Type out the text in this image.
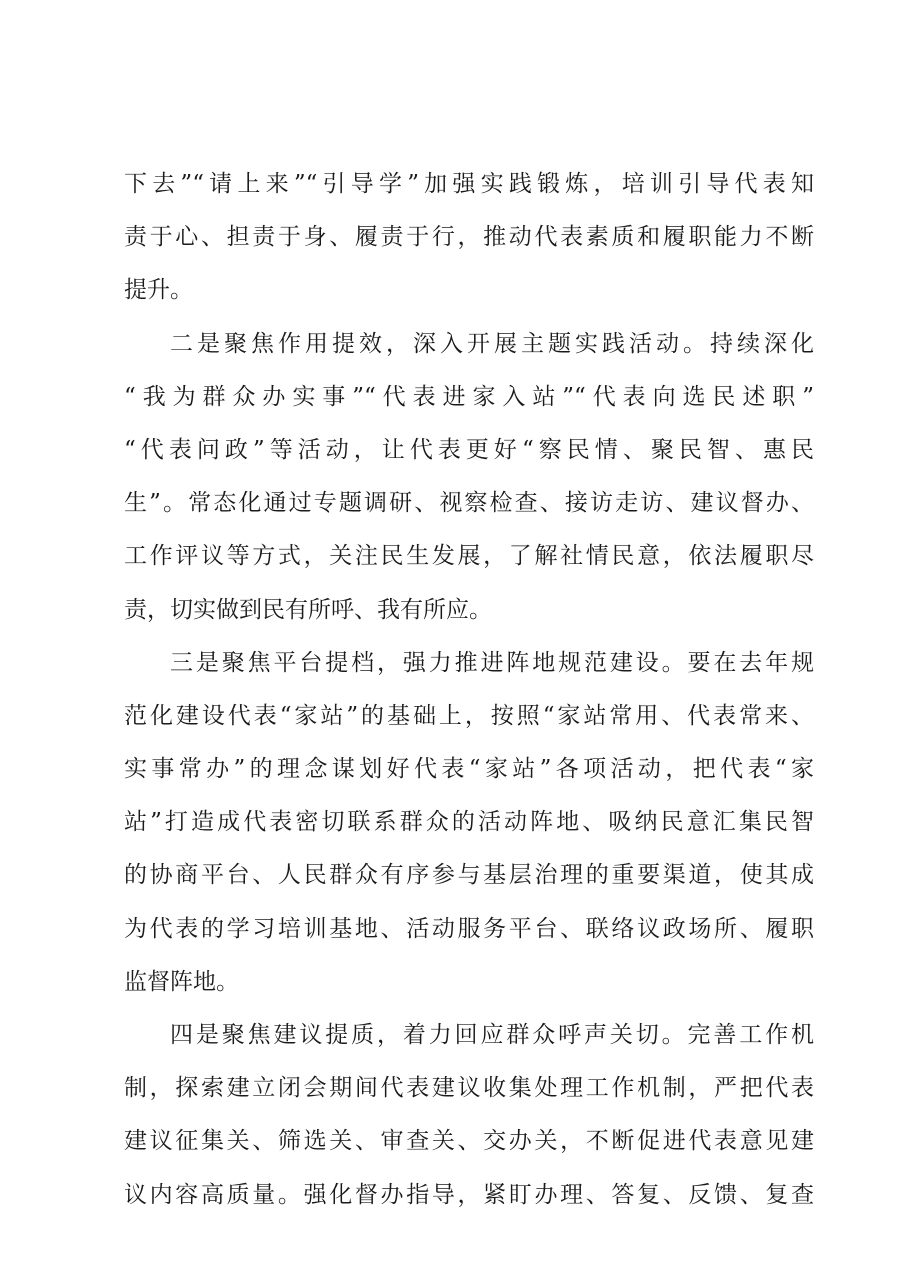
下去”“请上来”“引导学”加强实践锻炼，培训引导代表知
责于心、担责于身、履责于行，推动代表素质和履职能力不断
提升。
二是聚焦作用提效，深入开展主题实践活动。持续深化
“我为群众办实事”“代表进家入站”“代表向选民述职”
“代表问政”等活动，让代表更好“察民情、聚民智、惠民
生”。常态化通过专题调研、视察检查、接访走访、建议督办、
工作评议等方式，关注民生发展，了解社情民意，依法履职尽
责，切实做到民有所呼、我有所应。
三是聚焦平台提档，强力推进阵地规范建设。要在去年规
范化建设代表“家站”的基础上，按照“家站常用、代表常来、
实事常办”的理念谋划好代表“家站”各项活动，把代表“家
站”打造成代表密切联系群众的活动阵地、吸纳民意汇集民智
的协商平台、人民群众有序参与基层治理的重要渠道，使其成
为代表的学习培训基地、活动服务平台、联络议政场所、履职
监督阵地。
四是聚焦建议提质，着力回应群众呼声关切。完善工作机
制，探索建立闭会期间代表建议收集处理工作机制，严把代表
建议征集关、筛选关、审查关、交办关，不断促进代表意见建
议内容高质量。强化督办指导，紧盯办理、答复、反馈、复查
